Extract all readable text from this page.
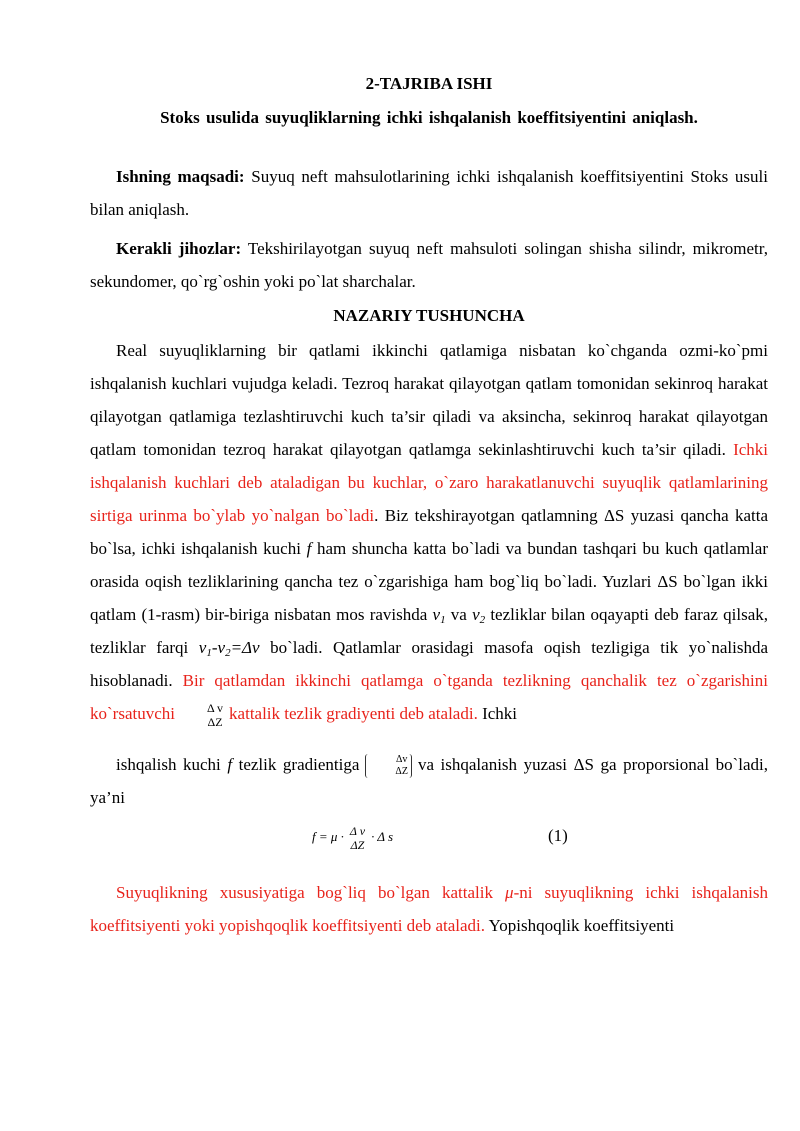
2-TAJRIBA ISHI

Stoks usulida suyuqliklarning ichki ishqalanish koeffitsiyentini aniqlash.

Ishning maqsadi: Suyuq neft mahsulotlarining ichki ishqalanish koeffitsiyentini Stoks usuli bilan aniqlash.

Kerakli jihozlar: Tekshirilayotgan suyuq neft mahsuloti solingan shisha silindr, mikrometr, sekundomer, qo`rg`oshin yoki po`lat sharchalar.

NAZARIY TUSHUNCHA

Real suyuqliklarning bir qatlami ikkinchi qatlamiga nisbatan ko`chganda ozmi-ko`pmi ishqalanish kuchlari vujudga keladi. Tezroq harakat qilayotgan qatlam tomonidan sekinroq harakat qilayotgan qatlamiga tezlashtiruvchi kuch ta’sir qiladi va aksincha, sekinroq harakat qilayotgan qatlam tomonidan tezroq harakat qilayotgan qatlamga sekinlashtiruvchi kuch ta’sir qiladi. Ichki ishqalanish kuchlari deb ataladigan bu kuchlar, o`zaro harakatlanuvchi suyuqlik qatlamlarining sirtiga urinma bo`ylab yo`nalgan bo`ladi. Biz tekshirayotgan qatlamning ΔS yuzasi qancha katta bo`lsa, ichki ishqalanish kuchi f ham shuncha katta bo`ladi va bundan tashqari bu kuch qatlamlar orasida oqish tezliklarining qancha tez o`zgarishiga ham bog`liq bo`ladi. Yuzlari ΔS bo`lgan ikki qatlam (1-rasm) bir-biriga nisbatan mos ravishda $v_1$ va $v_2$ tezliklar bilan oqayapti deb faraz qilsak, tezliklar farqi $v_1-v_2=\Delta v$ bo`ladi. Qatlamlar orasidagi masofa oqish tezligiga tik yo`nalishda hisoblanadi. Bir qatlamdan ikkinchi qatlamga o`tganda tezlikning qanchalik tez o`zgarishini ko`rsatuvchi	Δ v
ΔZ kattalik tezlik gradiyenti deb ataladi. Ichki

ishqalish kuchi f tezlik gradientiga	Δv
ΔZ va ishqalanish yuzasi ΔS ga proporsional bo`ladi, ya’ni

f = μ · Δ v
ΔZ
· Δ s	(1)

Suyuqlikning xususiyatiga bog`liq bo`lgan kattalik μ-ni suyuqlikning ichki ishqalanish koeffitsiyenti yoki yopishqoqlik koeffitsiyenti deb ataladi. Yopishqoqlik koeffitsiyenti
